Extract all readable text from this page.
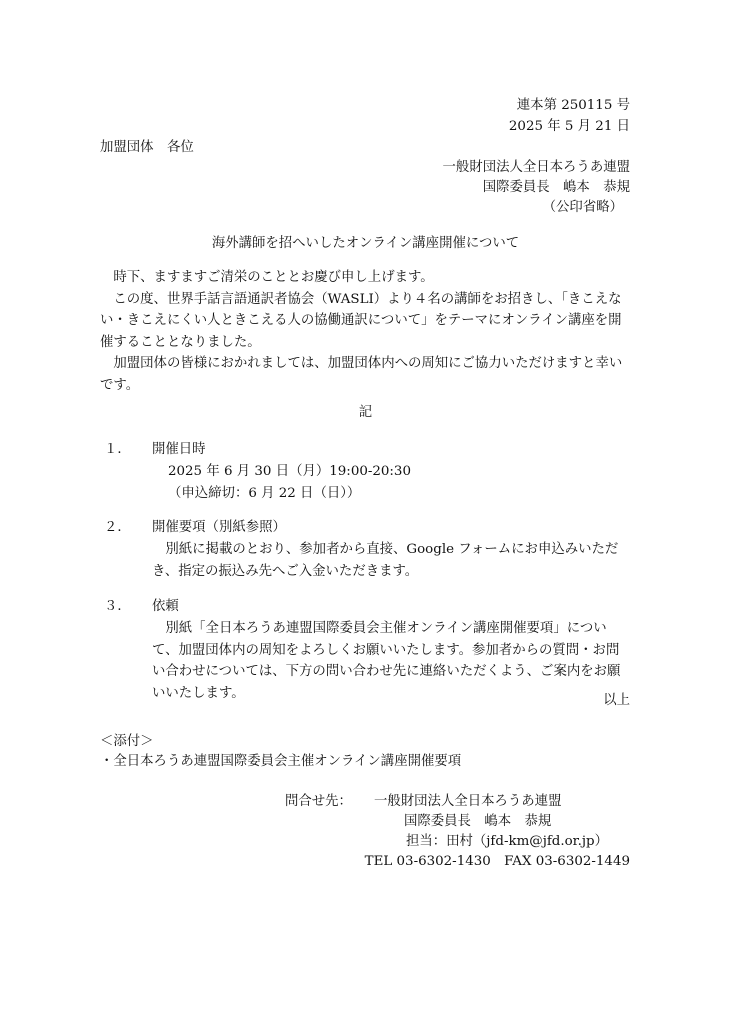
連本第 250115 号
2025 年 5 月 21 日
加盟団体　各位
一般財団法人全日本ろうあ連盟
国際委員長　嶋本　恭規
（公印省略）
海外講師を招へいしたオンライン講座開催について

時下、ますますご清栄のこととお慶び申し上げます。

この度、世界手話言語通訳者協会（WASLI）より４名の講師をお招きし、「きこえない・きこえにくい人ときこえる人の協働通訳について」をテーマにオンライン講座を開催することとなりました。

加盟団体の皆様におかれましては、加盟団体内への周知にご協力いただけますと幸いです。

記
１． 開催日時
2025 年 6 月 30 日（月）19:00-20:30
（申込締切：6 月 22 日（日））
２． 開催要項（別紙参照）

別紙に掲載のとおり、参加者から直接、Google フォームにお申込みいただき、指定の振込み先へご入金いただきます。

３． 依頼

別紙「全日本ろうあ連盟国際委員会主催オンライン講座開催要項」について、加盟団体内の周知をよろしくお願いいたします。参加者からの質問・お問い合わせについては、下方の問い合わせ先に連絡いただくよう、ご案内をお願いいたします。	以上
＜添付＞
・全日本ろうあ連盟国際委員会主催オンライン講座開催要項
問合せ先： 一般財団法人全日本ろうあ連盟
国際委員長　嶋本　恭規
担当：田村（jfd-km@jfd.or.jp）
TEL 03-6302-1430　FAX 03-6302-1449
